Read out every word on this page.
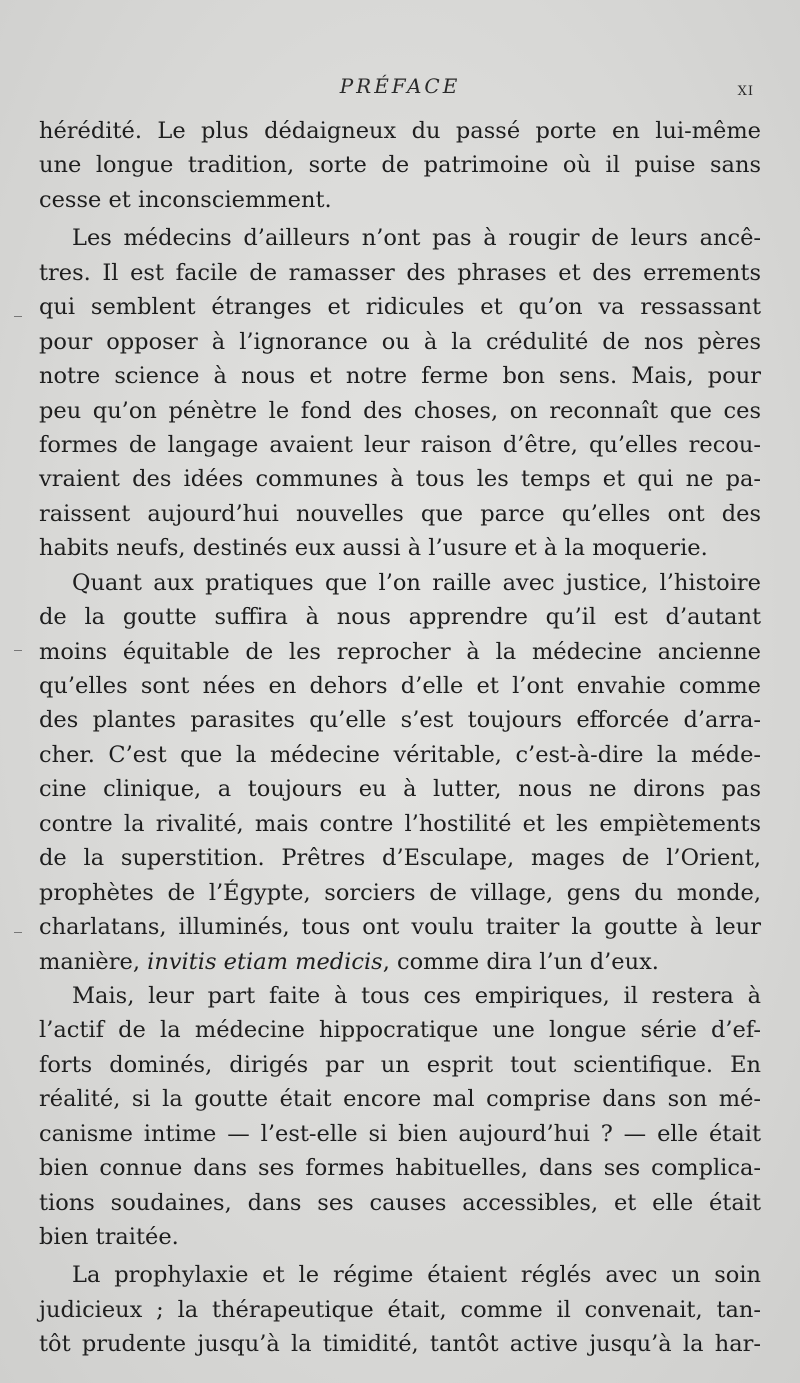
PRÉFACE	XI
hérédité. Le plus dédaigneux du passé porte en lui-même
une longue tradition, sorte de patrimoine où il puise sans
cesse et inconsciemment.
Les médecins d’ailleurs n’ont pas à rougir de leurs ancê-
tres. Il est facile de ramasser des phrases et des errements
qui semblent étranges et ridicules et qu’on va ressassant
pour opposer à l’ignorance ou à la crédulité de nos pères
notre science à nous et notre ferme bon sens. Mais, pour
peu qu’on pénètre le fond des choses, on reconnaît que ces
formes de langage avaient leur raison d’être, qu’elles recou-
vraient des idées communes à tous les temps et qui ne pa-
raissent aujourd’hui nouvelles que parce qu’elles ont des
habits neufs, destinés eux aussi à l’usure et à la moquerie.
Quant aux pratiques que l’on raille avec justice, l’histoire
de la goutte suffira à nous apprendre qu’il est d’autant
moins équitable de les reprocher à la médecine ancienne
qu’elles sont nées en dehors d’elle et l’ont envahie comme
des plantes parasites qu’elle s’est toujours efforcée d’arra-
cher. C’est que la médecine véritable, c’est-à-dire la méde-
cine clinique, a toujours eu à lutter, nous ne dirons pas
contre la rivalité, mais contre l’hostilité et les empiètements
de la superstition. Prêtres d’Esculape, mages de l’Orient,
prophètes de l’Égypte, sorciers de village, gens du monde,
charlatans, illuminés, tous ont voulu traiter la goutte à leur
manière, invitis etiam medicis, comme dira l’un d’eux.
Mais, leur part faite à tous ces empiriques, il restera à
l’actif de la médecine hippocratique une longue série d’ef-
forts dominés, dirigés par un esprit tout scientifique. En
réalité, si la goutte était encore mal comprise dans son mé-
canisme intime — l’est-elle si bien aujourd’hui ? — elle était
bien connue dans ses formes habituelles, dans ses complica-
tions soudaines, dans ses causes accessibles, et elle était
bien traitée.
La prophylaxie et le régime étaient réglés avec un soin
judicieux ; la thérapeutique était, comme il convenait, tan-
tôt prudente jusqu’à la timidité, tantôt active jusqu’à la har-
